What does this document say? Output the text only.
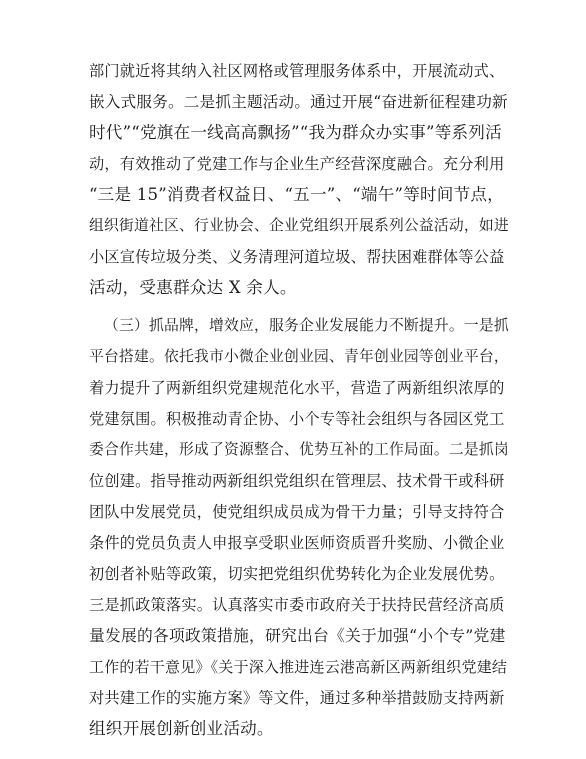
部门就近将其纳入社区网格或管理服务体系中，开展流动式、
嵌入式服务。二是抓主题活动。通过开展“奋进新征程建功新
时代”“党旗在一线高高飘扬”“我为群众办实事”等系列活
动，有效推动了党建工作与企业生产经营深度融合。充分利用
“三是 15”消费者权益日、“五一”、“端午”等时间节点，
组织街道社区、行业协会、企业党组织开展系列公益活动，如进
小区宣传垃圾分类、义务清理河道垃圾、帮扶困难群体等公益
活动，受惠群众达 X 余人。
（三）抓品牌，增效应，服务企业发展能力不断提升。一是抓
平台搭建。依托我市小微企业创业园、青年创业园等创业平台，
着力提升了两新组织党建规范化水平，营造了两新组织浓厚的
党建氛围。积极推动青企协、小个专等社会组织与各园区党工
委合作共建，形成了资源整合、优势互补的工作局面。二是抓岗
位创建。指导推动两新组织党组织在管理层、技术骨干或科研
团队中发展党员，使党组织成员成为骨干力量；引导支持符合
条件的党员负责人申报享受职业医师资质晋升奖励、小微企业
初创者补贴等政策，切实把党组织优势转化为企业发展优势。
三是抓政策落实。认真落实市委市政府关于扶持民营经济高质
量发展的各项政策措施，研究出台《关于加强“小个专”党建
工作的若干意见》《关于深入推进连云港高新区两新组织党建结
对共建工作的实施方案》等文件，通过多种举措鼓励支持两新
组织开展创新创业活动。
